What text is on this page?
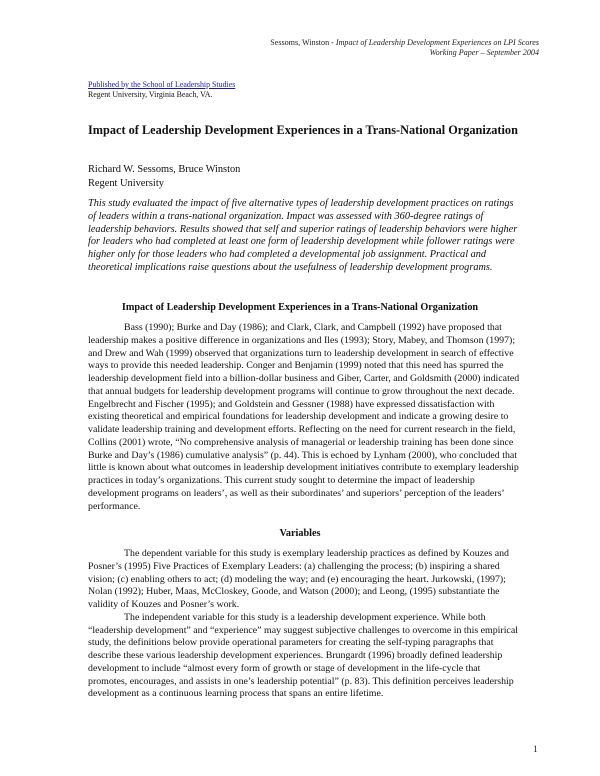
Sessoms, Winston - Impact of Leadership Development Experiences on LPI Scores
Working Paper – September 2004
Published by the School of Leadership Studies
Regent University, Virginia Beach, VA.
Impact of Leadership Development Experiences in a Trans-National Organization
Richard W. Sessoms, Bruce Winston
Regent University
This study evaluated the impact of five alternative types of leadership development practices on ratings of leaders within a trans-national organization. Impact was assessed with 360-degree ratings of leadership behaviors. Results showed that self and superior ratings of leadership behaviors were higher for leaders who had completed at least one form of leadership development while follower ratings were higher only for those leaders who had completed a developmental job assignment. Practical and theoretical implications raise questions about the usefulness of leadership development programs.
Impact of Leadership Development Experiences in a Trans-National Organization

Bass (1990); Burke and Day (1986); and Clark, Clark, and Campbell (1992) have proposed that leadership makes a positive difference in organizations and Iles (1993); Story, Mabey, and Thomson (1997); and Drew and Wah (1999) observed that organizations turn to leadership development in search of effective ways to provide this needed leadership. Conger and Benjamin (1999) noted that this need has spurred the leadership development field into a billion-dollar business and Giber, Carter, and Goldsmith (2000) indicated that annual budgets for leadership development programs will continue to grow throughout the next decade. Engelbrecht and Fischer (1995); and Goldstein and Gessner (1988) have expressed dissatisfaction with existing theoretical and empirical foundations for leadership development and indicate a growing desire to validate leadership training and development efforts. Reflecting on the need for current research in the field, Collins (2001) wrote, “No comprehensive analysis of managerial or leadership training has been done since Burke and Day’s (1986) cumulative analysis” (p. 44). This is echoed by Lynham (2000), who concluded that little is known about what outcomes in leadership development initiatives contribute to exemplary leadership practices in today’s organizations. This current study sought to determine the impact of leadership development programs on leaders’, as well as their subordinates’ and superiors’ perception of the leaders’ performance.

Variables

The dependent variable for this study is exemplary leadership practices as defined by Kouzes and Posner’s (1995) Five Practices of Exemplary Leaders: (a) challenging the process; (b) inspiring a shared vision; (c) enabling others to act; (d) modeling the way; and (e) encouraging the heart. Jurkowski, (1997); Nolan (1992); Huber, Maas, McCloskey, Goode, and Watson (2000); and Leong, (1995) substantiate the validity of Kouzes and Posner’s work.

The independent variable for this study is a leadership development experience. While both “leadership development” and “experience” may suggest subjective challenges to overcome in this empirical study, the definitions below provide operational parameters for creating the self-typing paragraphs that describe these various leadership development experiences. Brungardt (1996) broadly defined leadership development to include “almost every form of growth or stage of development in the life-cycle that promotes, encourages, and assists in one’s leadership potential” (p. 83). This definition perceives leadership development as a continuous learning process that spans an entire lifetime.

1
